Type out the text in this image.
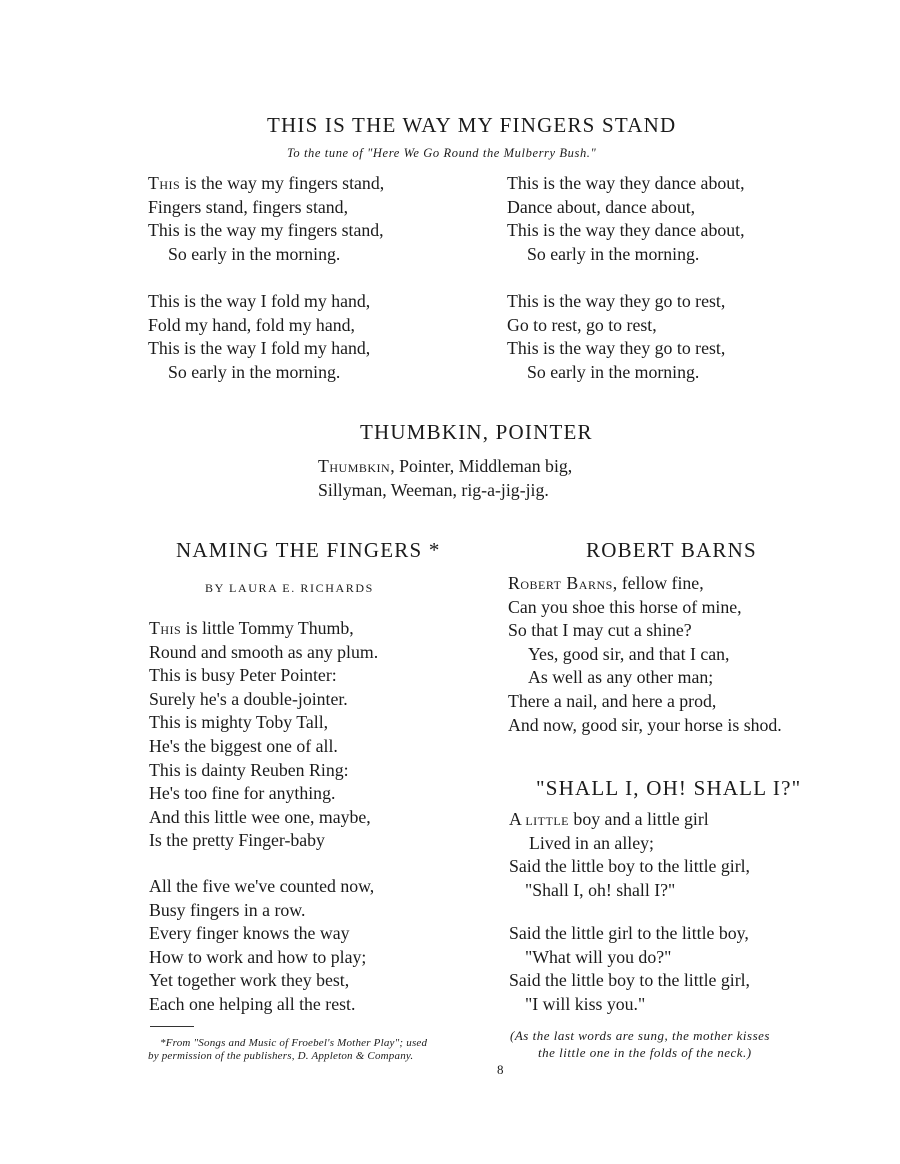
THIS IS THE WAY MY FINGERS STAND
To the tune of "Here We Go Round the Mulberry Bush."
This is the way my fingers stand,
Fingers stand, fingers stand,
This is the way my fingers stand,
So early in the morning.
This is the way I fold my hand,
Fold my hand, fold my hand,
This is the way I fold my hand,
So early in the morning.
This is the way they dance about,
Dance about, dance about,
This is the way they dance about,
So early in the morning.
This is the way they go to rest,
Go to rest, go to rest,
This is the way they go to rest,
So early in the morning.
THUMBKIN, POINTER
Thumbkin, Pointer, Middleman big,
Sillyman, Weeman, rig-a-jig-jig.
NAMING THE FINGERS *
BY LAURA E. RICHARDS
This is little Tommy Thumb,
Round and smooth as any plum.
This is busy Peter Pointer:
Surely he's a double-jointer.
This is mighty Toby Tall,
He's the biggest one of all.
This is dainty Reuben Ring:
He's too fine for anything.
And this little wee one, maybe,
Is the pretty Finger-baby
All the five we've counted now,
Busy fingers in a row.
Every finger knows the way
How to work and how to play;
Yet together work they best,
Each one helping all the rest.
*From "Songs and Music of Froebel's Mother Play"; used
by permission of the publishers, D. Appleton & Company.
ROBERT BARNS
Robert Barns, fellow fine,
Can you shoe this horse of mine,
So that I may cut a shine?
Yes, good sir, and that I can,
As well as any other man;
There a nail, and here a prod,
And now, good sir, your horse is shod.
"SHALL I, OH! SHALL I?"
A little boy and a little girl
Lived in an alley;
Said the little boy to the little girl,
"Shall I, oh! shall I?"
Said the little girl to the little boy,
"What will you do?"
Said the little boy to the little girl,
"I will kiss you."
(As the last words are sung, the mother kisses
the little one in the folds of the neck.)
8
